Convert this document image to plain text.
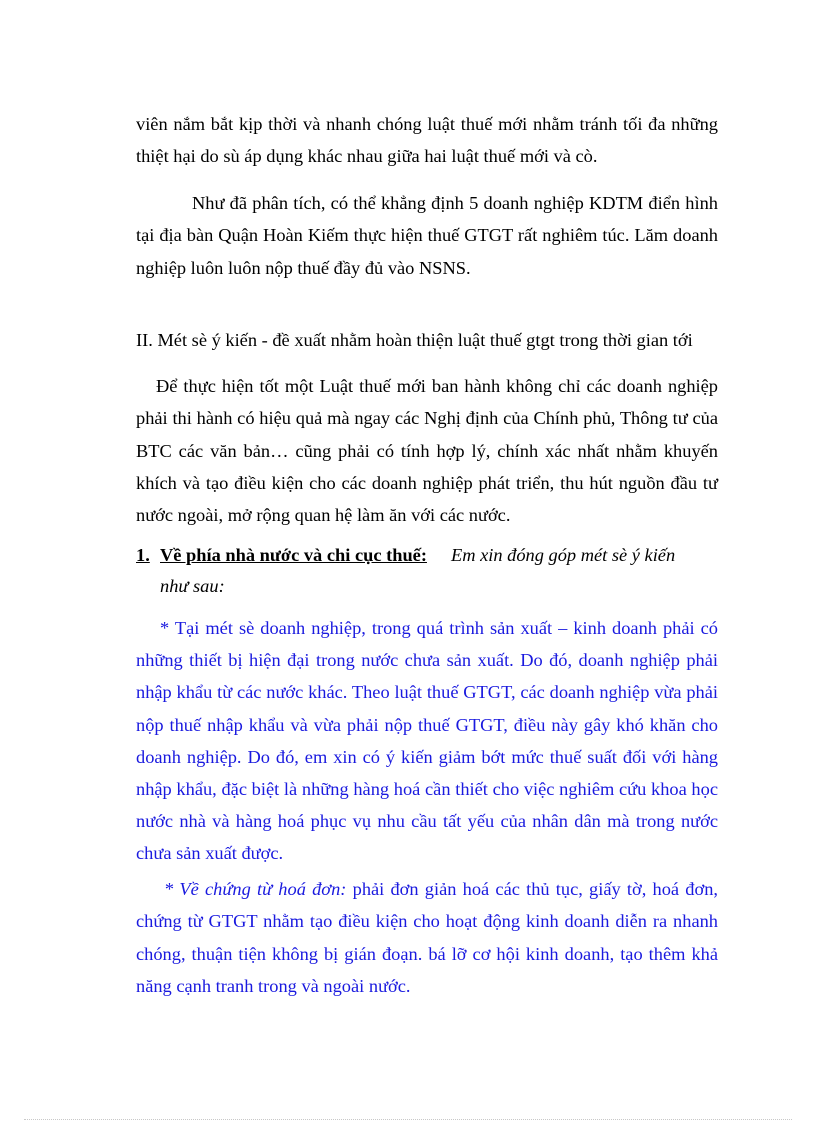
viên nắm bắt kịp thời và nhanh chóng luật thuế mới nhằm tránh tối đa những thiệt hại do sù áp dụng khác nhau giữa hai luật thuế mới và cò.

Như đã phân tích, có thể khẳng định 5 doanh nghiệp KDTM điển hình tại địa bàn Quận Hoàn Kiếm thực hiện thuế GTGT rất nghiêm túc. Lăm doanh nghiệp luôn luôn nộp thuế đầy đủ vào NSNS.

II. Mét sè ý kiến - đề xuất nhằm hoàn thiện luật thuế gtgt trong thời gian tới

Để thực hiện tốt một Luật thuế mới ban hành không chỉ các doanh nghiệp phải thi hành có hiệu quả mà ngay các Nghị định của Chính phủ, Thông tư của BTC các văn bản… cũng phải có tính hợp lý, chính xác nhất nhằm khuyến khích và tạo điều kiện cho các doanh nghiệp phát triển, thu hút nguồn đầu tư nước ngoài, mở rộng quan hệ làm ăn với các nước.

1. Về phía nhà nước và chi cục thuế: Em xin đóng góp mét sè ý kiến
như sau:

* Tại mét sè doanh nghiệp, trong quá trình sản xuất – kinh doanh phải có những thiết bị hiện đại trong nước chưa sản xuất. Do đó, doanh nghiệp phải nhập khẩu từ các nước khác. Theo luật thuế GTGT, các doanh nghiệp vừa phải nộp thuế nhập khẩu và vừa phải nộp thuế GTGT, điều này gây khó khăn cho doanh nghiệp. Do đó, em xin có ý kiến giảm bớt mức thuế suất đối với hàng nhập khẩu, đặc biệt là những hàng hoá cần thiết cho việc nghiêm cứu khoa học nước nhà và hàng hoá phục vụ nhu cầu tất yếu của nhân dân mà trong nước chưa sản xuất được.

* Về chứng từ hoá đơn: phải đơn giản hoá các thủ tục, giấy tờ, hoá đơn, chứng từ GTGT nhằm tạo điều kiện cho hoạt động kinh doanh diễn ra nhanh chóng, thuận tiện không bị gián đoạn. bá lỡ cơ hội kinh doanh, tạo thêm khả năng cạnh tranh trong và ngoài nước.
